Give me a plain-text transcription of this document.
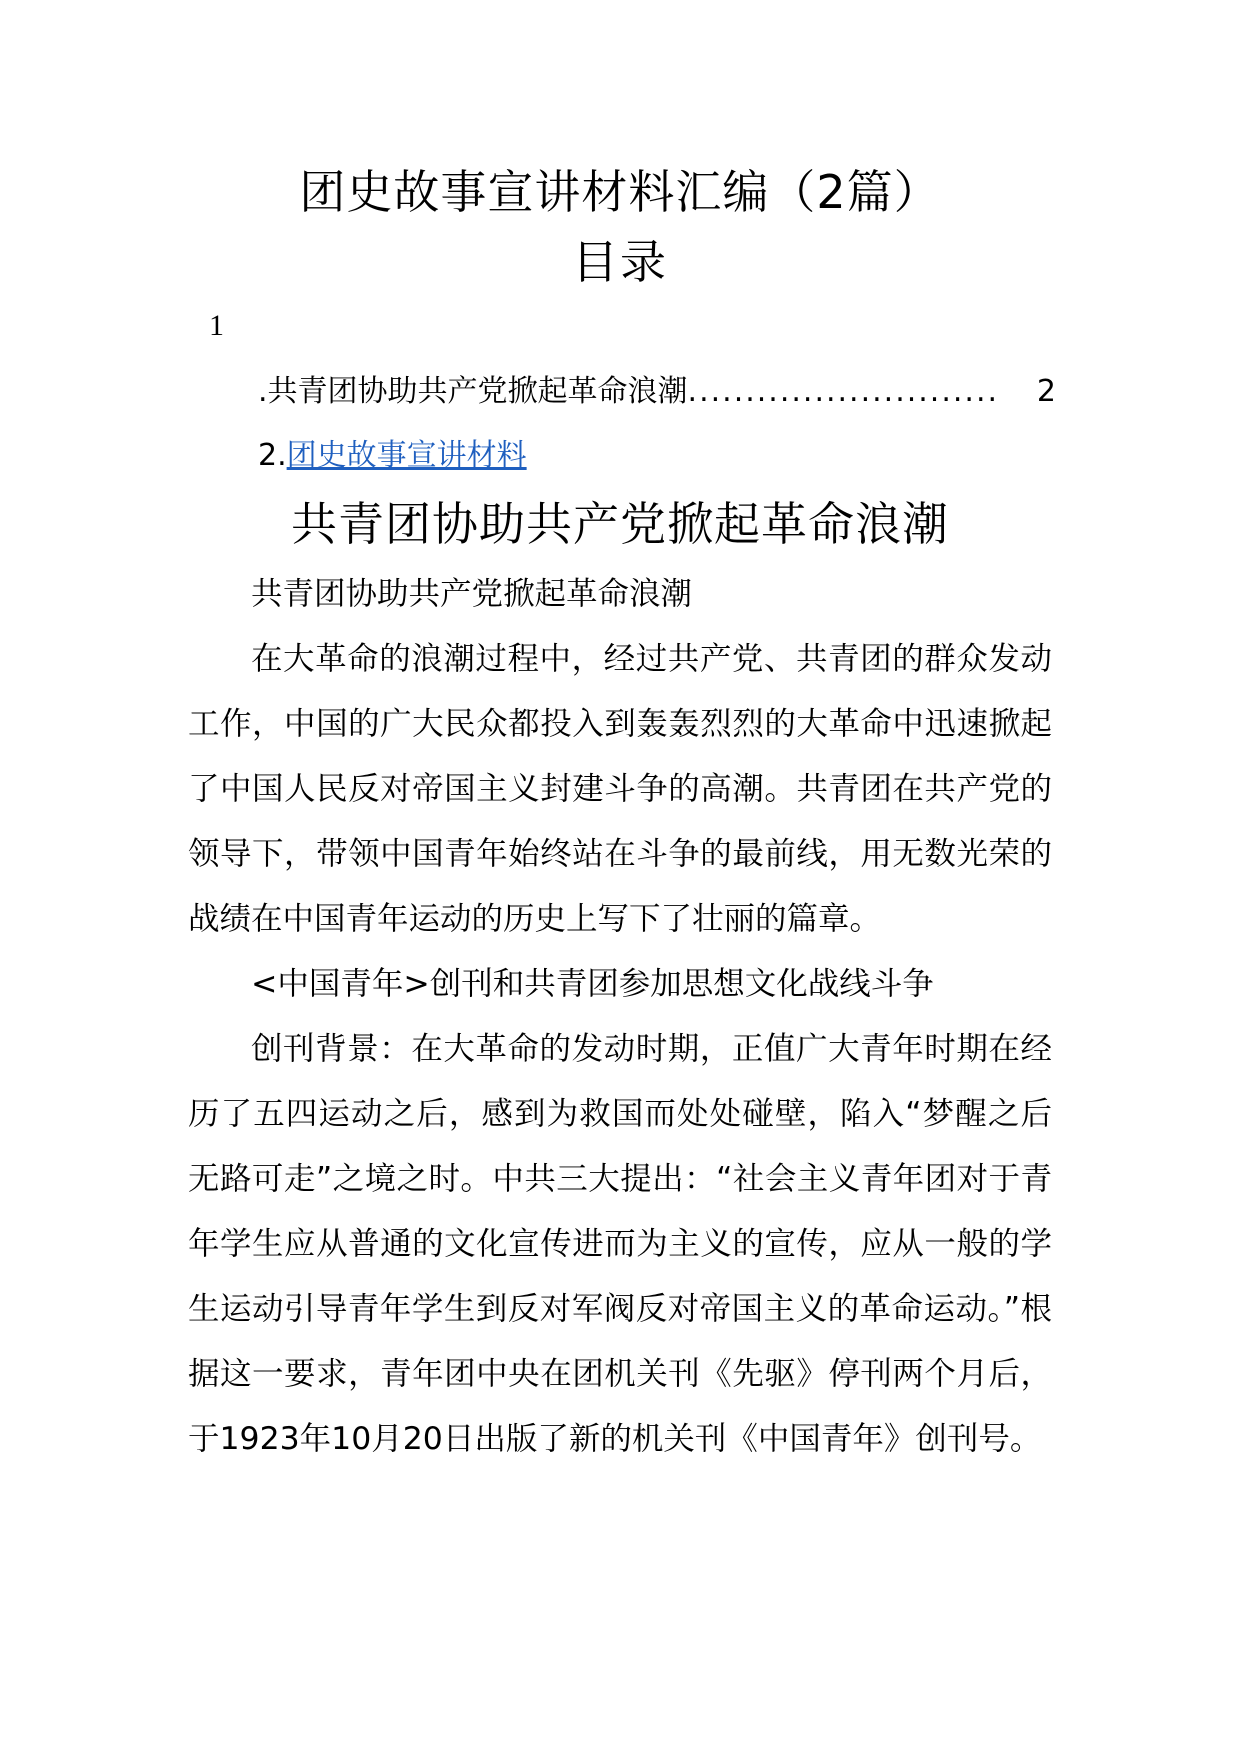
团史故事宣讲材料汇编（2篇）
目录
1
.共青团协助共产党掀起革命浪潮 ...........................	2
2. 团史故事宣讲材料
共青团协助共产党掀起革命浪潮

共青团协助共产党掀起革命浪潮

在大革命的浪潮过程中，经过共产党、共青团的群众发动工作，中国的广大民众都投入到轰轰烈烈的大革命中迅速掀起了中国人民反对帝国主义封建斗争的高潮。共青团在共产党的领导下，带领中国青年始终站在斗争的最前线，用无数光荣的战绩在中国青年运动的历史上写下了壮丽的篇章。

<中国青年>创刊和共青团参加思想文化战线斗争

创刊背景：在大革命的发动时期，正值广大青年时期在经历了五四运动之后，感到为救国而处处碰壁，陷入“梦醒之后无路可走”之境之时。中共三大提出：“社会主义青年团对于青年学生应从普通的文化宣传进而为主义的宣传，应从一般的学生运动引导青年学生到反对军阀反对帝国主义的革命运动。”根据这一要求，青年团中央在团机关刊《先驱》停刊两个月后，于1923年10月20日出版了新的机关刊《中国青年》创刊号。
